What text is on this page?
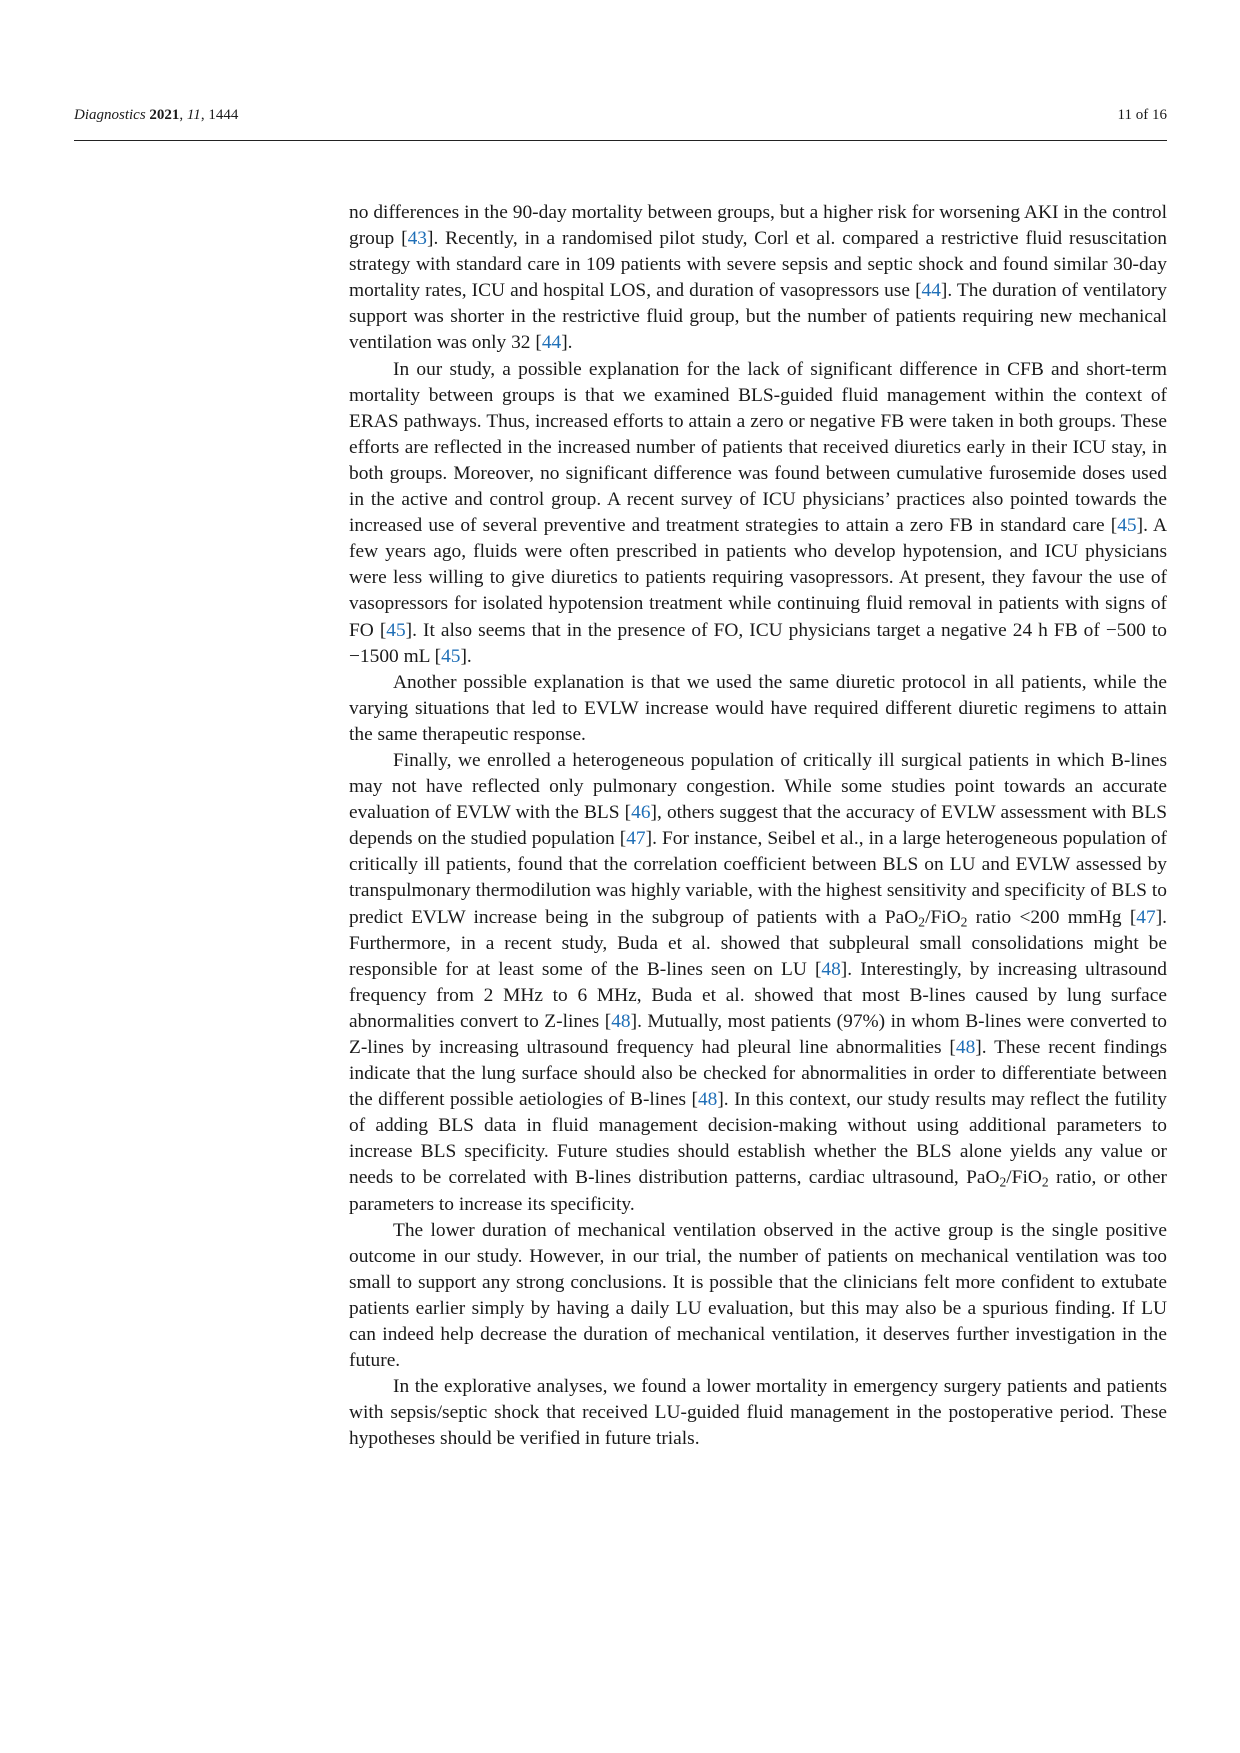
Diagnostics 2021, 11, 1444	11 of 16

no differences in the 90-day mortality between groups, but a higher risk for worsening AKI in the control group [43]. Recently, in a randomised pilot study, Corl et al. compared a restrictive fluid resuscitation strategy with standard care in 109 patients with severe sepsis and septic shock and found similar 30-day mortality rates, ICU and hospital LOS, and duration of vasopressors use [44]. The duration of ventilatory support was shorter in the restrictive fluid group, but the number of patients requiring new mechanical ventilation was only 32 [44].

In our study, a possible explanation for the lack of significant difference in CFB and short-term mortality between groups is that we examined BLS-guided fluid management within the context of ERAS pathways. Thus, increased efforts to attain a zero or negative FB were taken in both groups. These efforts are reflected in the increased number of patients that received diuretics early in their ICU stay, in both groups. Moreover, no significant difference was found between cumulative furosemide doses used in the active and control group. A recent survey of ICU physicians’ practices also pointed towards the increased use of several preventive and treatment strategies to attain a zero FB in standard care [45]. A few years ago, fluids were often prescribed in patients who develop hypotension, and ICU physicians were less willing to give diuretics to patients requiring vasopressors. At present, they favour the use of vasopressors for isolated hypotension treatment while continuing fluid removal in patients with signs of FO [45]. It also seems that in the presence of FO, ICU physicians target a negative 24 h FB of −500 to −1500 mL [45].

Another possible explanation is that we used the same diuretic protocol in all patients, while the varying situations that led to EVLW increase would have required different diuretic regimens to attain the same therapeutic response.

Finally, we enrolled a heterogeneous population of critically ill surgical patients in which B-lines may not have reflected only pulmonary congestion. While some studies point towards an accurate evaluation of EVLW with the BLS [46], others suggest that the accuracy of EVLW assessment with BLS depends on the studied population [47]. For instance, Seibel et al., in a large heterogeneous population of critically ill patients, found that the correlation coefficient between BLS on LU and EVLW assessed by transpulmonary thermodilution was highly variable, with the highest sensitivity and specificity of BLS to predict EVLW increase being in the subgroup of patients with a PaO$_2$/FiO$_2$ ratio <200 mmHg [47]. Furthermore, in a recent study, Buda et al. showed that subpleural small consolidations might be responsible for at least some of the B-lines seen on LU [48]. Interestingly, by increasing ultrasound frequency from 2 MHz to 6 MHz, Buda et al. showed that most B-lines caused by lung surface abnormalities convert to Z-lines [48]. Mutually, most patients (97%) in whom B-lines were converted to Z-lines by increasing ultrasound frequency had pleural line abnormalities [48]. These recent findings indicate that the lung surface should also be checked for abnormalities in order to differentiate between the different possible aetiologies of B-lines [48]. In this context, our study results may reflect the futility of adding BLS data in fluid management decision-making without using additional parameters to increase BLS specificity. Future studies should establish whether the BLS alone yields any value or needs to be correlated with B-lines distribution patterns, cardiac ultrasound, PaO$_2$/FiO$_2$ ratio, or other parameters to increase its specificity.

The lower duration of mechanical ventilation observed in the active group is the single positive outcome in our study. However, in our trial, the number of patients on mechanical ventilation was too small to support any strong conclusions. It is possible that the clinicians felt more confident to extubate patients earlier simply by having a daily LU evaluation, but this may also be a spurious finding. If LU can indeed help decrease the duration of mechanical ventilation, it deserves further investigation in the future.

In the explorative analyses, we found a lower mortality in emergency surgery patients and patients with sepsis/septic shock that received LU-guided fluid management in the postoperative period. These hypotheses should be verified in future trials.
